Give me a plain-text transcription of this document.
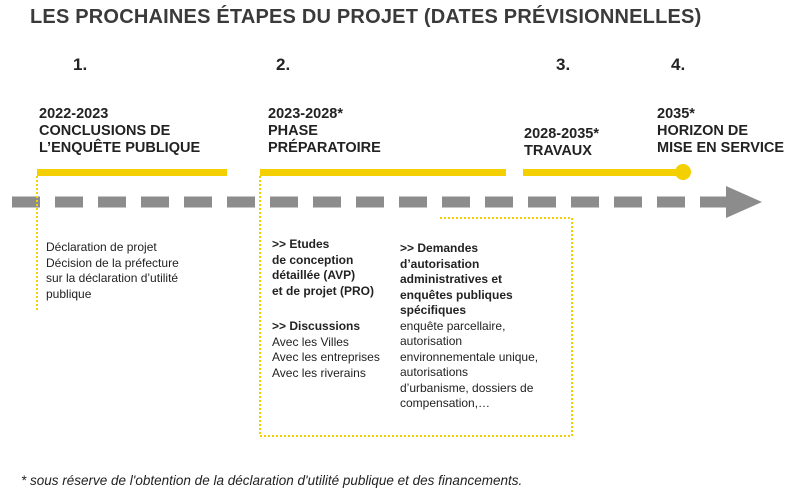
LES PROCHAINES ÉTAPES DU PROJET (DATES PRÉVISIONNELLES)
1.	2.	3.	4.
2022-2023
CONCLUSIONS DE
L’ENQUÊTE PUBLIQUE
2023-2028*
PHASE
PRÉPARATOIRE
2028-2035*
TRAVAUX
2035*
HORIZON DE
MISE EN SERVICE
Déclaration de projet
Décision de la préfecture
sur la déclaration d’utilité
publique
>> Etudes
de conception
détaillée (AVP)
et de projet (PRO)
>> Discussions
Avec les Villes
Avec les entreprises
Avec les riverains
>> Demandes
d’autorisation
administratives et
enquêtes publiques
spécifiques
enquête parcellaire,
autorisation
environnementale unique,
autorisations
d’urbanisme, dossiers de
compensation,…
* sous réserve de l'obtention de la déclaration d'utilité publique et des financements.
